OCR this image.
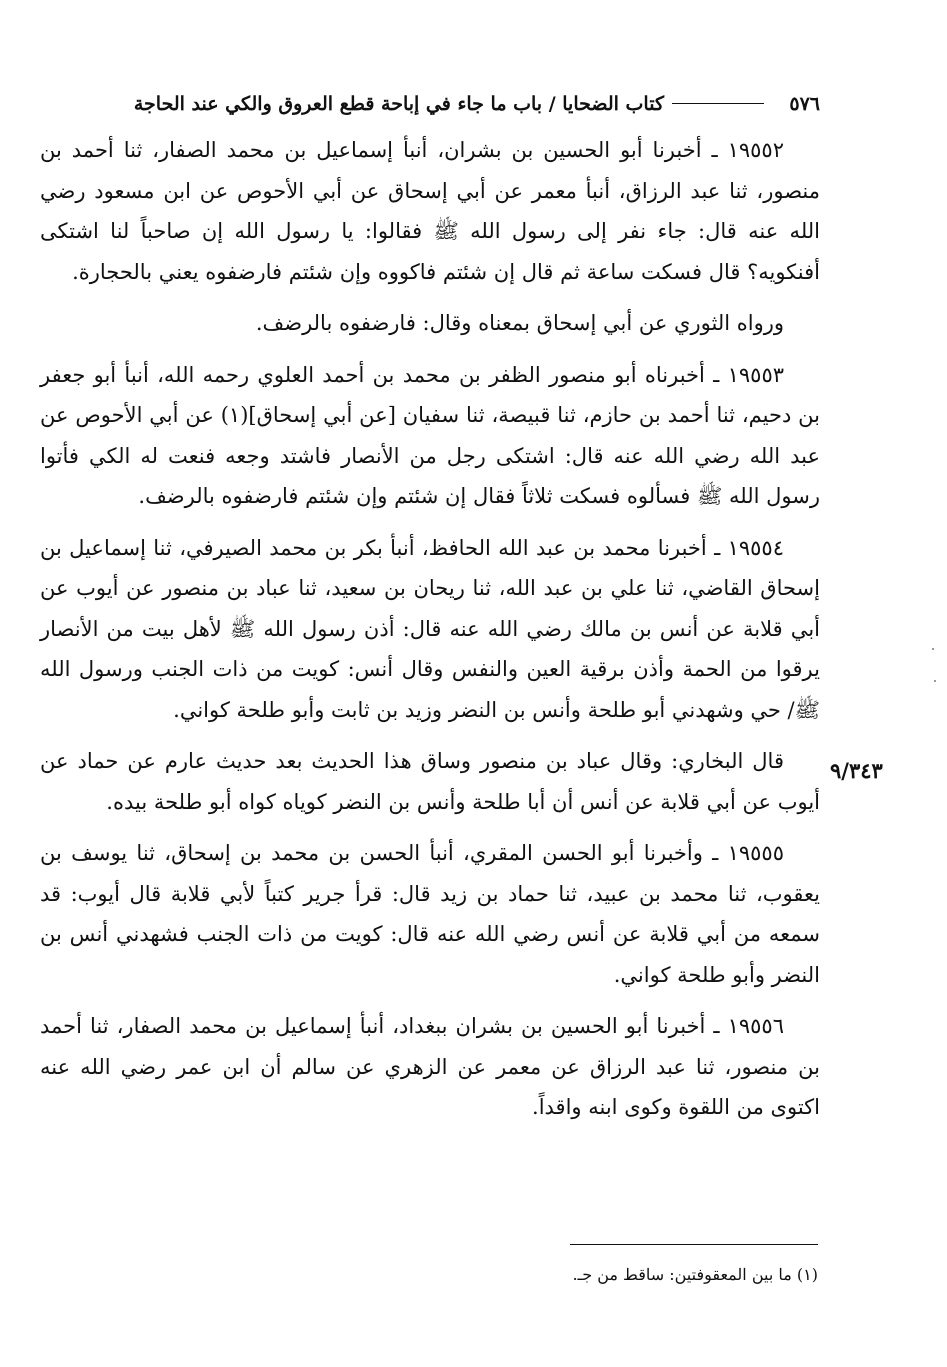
٥٧٦
كتاب الضحايا / باب ما جاء في إباحة قطع العروق والكي عند الحاجة

١٩٥٥٢ ـ أخبرنا أبو الحسين بن بشران، أنبأ إسماعيل بن محمد الصفار، ثنا أحمد بن منصور، ثنا عبد الرزاق، أنبأ معمر عن أبي إسحاق عن أبي الأحوص عن ابن مسعود رضي الله عنه قال: جاء نفر إلى رسول الله ﷺ فقالوا: يا رسول الله إن صاحباً لنا اشتكى أفنكويه؟ قال فسكت ساعة ثم قال إن شئتم فاكووه وإن شئتم فارضفوه يعني بالحجارة.

ورواه الثوري عن أبي إسحاق بمعناه وقال: فارضفوه بالرضف.

١٩٥٥٣ ـ أخبرناه أبو منصور الظفر بن محمد بن أحمد العلوي رحمه الله، أنبأ أبو جعفر بن دحيم، ثنا أحمد بن حازم، ثنا قبيصة، ثنا سفيان [عن أبي إسحاق](١) عن أبي الأحوص عن عبد الله رضي الله عنه قال: اشتكى رجل من الأنصار فاشتد وجعه فنعت له الكي فأتوا رسول الله ﷺ فسألوه فسكت ثلاثاً فقال إن شئتم وإن شئتم فارضفوه بالرضف.

١٩٥٥٤ ـ أخبرنا محمد بن عبد الله الحافظ، أنبأ بكر بن محمد الصيرفي، ثنا إسماعيل بن إسحاق القاضي، ثنا علي بن عبد الله، ثنا ريحان بن سعيد، ثنا عباد بن منصور عن أيوب عن أبي قلابة عن أنس بن مالك رضي الله عنه قال: أذن رسول الله ﷺ لأهل بيت من الأنصار يرقوا من الحمة وأذن برقية العين والنفس وقال أنس: كويت من ذات الجنب ورسول الله ﷺ/ حي وشهدني أبو طلحة وأنس بن النضر وزيد بن ثابت وأبو طلحة كواني.

قال البخاري: وقال عباد بن منصور وساق هذا الحديث بعد حديث عارم عن حماد عن أيوب عن أبي قلابة عن أنس أن أبا طلحة وأنس بن النضر كوياه كواه أبو طلحة بيده.

١٩٥٥٥ ـ وأخبرنا أبو الحسن المقري، أنبأ الحسن بن محمد بن إسحاق، ثنا يوسف بن يعقوب، ثنا محمد بن عبيد، ثنا حماد بن زيد قال: قرأ جرير كتباً لأبي قلابة قال أيوب: قد سمعه من أبي قلابة عن أنس رضي الله عنه قال: كويت من ذات الجنب فشهدني أنس بن النضر وأبو طلحة كواني.

١٩٥٥٦ ـ أخبرنا أبو الحسين بن بشران ببغداد، أنبأ إسماعيل بن محمد الصفار، ثنا أحمد بن منصور، ثنا عبد الرزاق عن معمر عن الزهري عن سالم أن ابن عمر رضي الله عنه اكتوى من اللقوة وكوى ابنه واقداً.

٩/٣٤٣
(١) ما بين المعقوفتين: ساقط من جـ.
